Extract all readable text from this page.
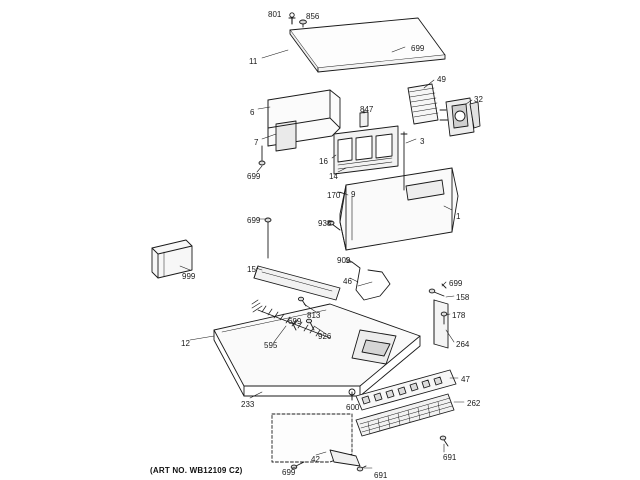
801	856
699
11
49
32
6	847
3
7
16
14
699
170 9
1
699	938
999
909
46
15
699
158
813
699
178
926
12	595	264
233	600
47
262
42
699	691
691
(ART NO. WB12109 C2)
